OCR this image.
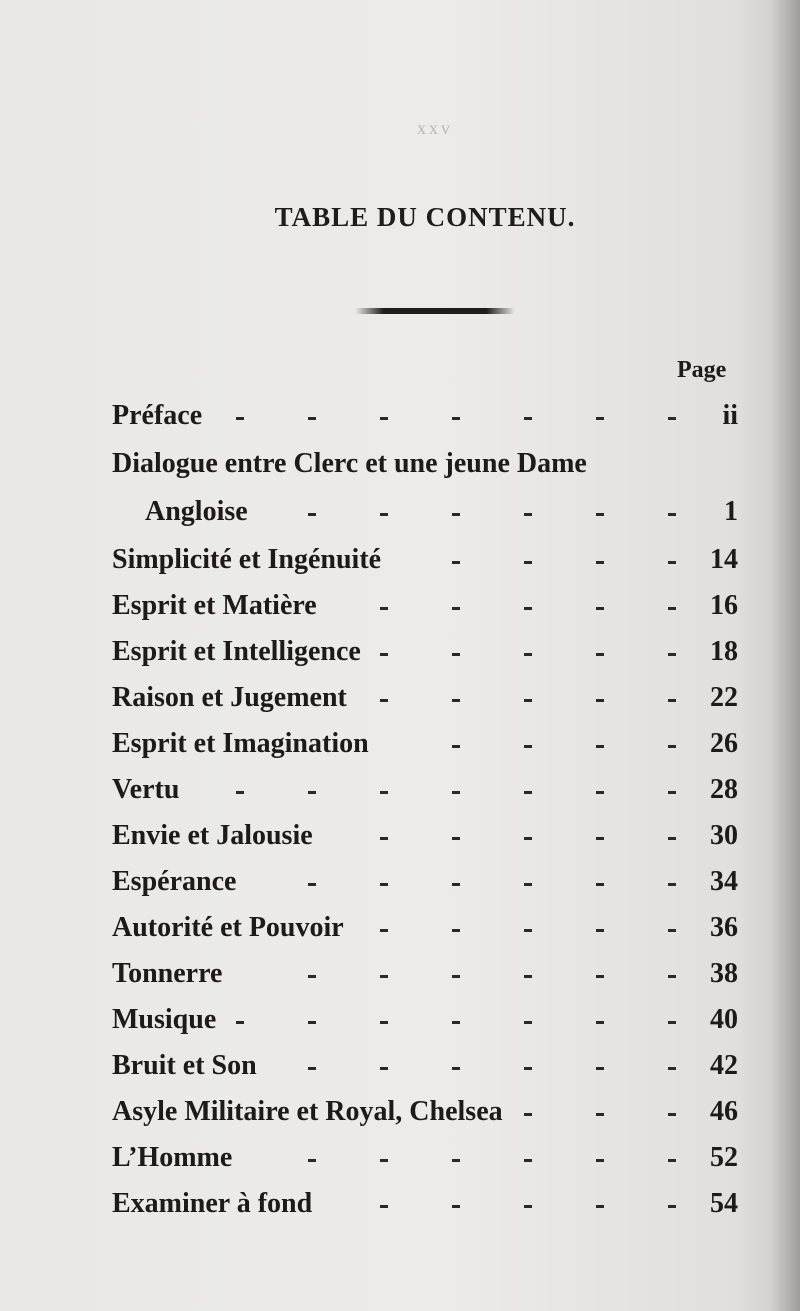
xxv
TABLE DU CONTENU.
Page
Préface	ii
Dialogue entre Clerc et une jeune Dame
Angloise	1
Simplicité et Ingénuité	14
Esprit et Matière	16
Esprit et Intelligence	18
Raison et Jugement	22
Esprit et Imagination	26
Vertu	28
Envie et Jalousie	30
Espérance	34
Autorité et Pouvoir	36
Tonnerre	38
Musique	40
Bruit et Son	42
Asyle Militaire et Royal, Chelsea	46
L’Homme	52
Examiner à fond	54
